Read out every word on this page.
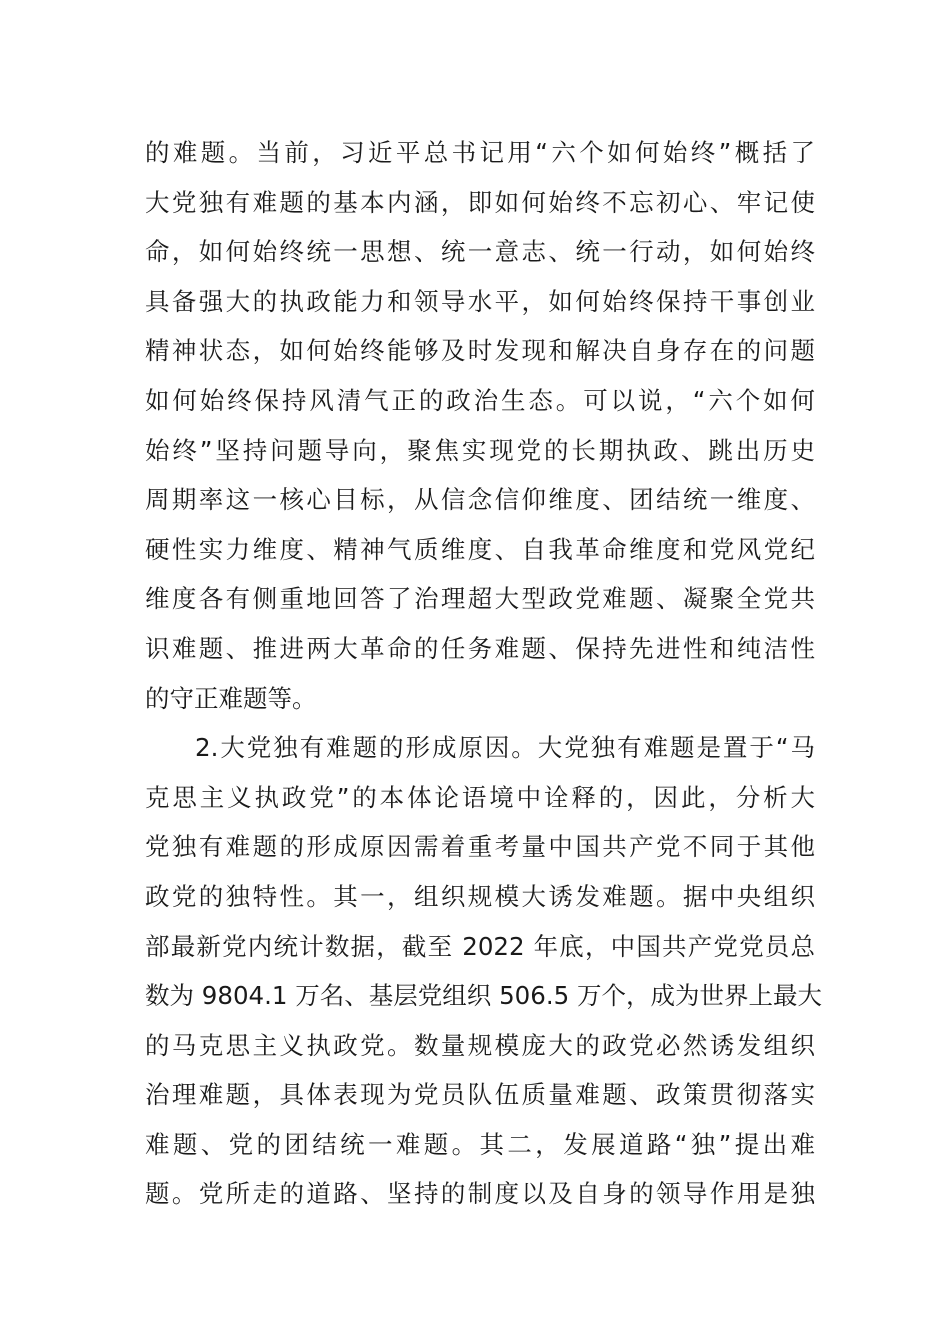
的难题。当前，习近平总书记用“六个如何始终”概括了
大党独有难题的基本内涵，即如何始终不忘初心、牢记使
命，如何始终统一思想、统一意志、统一行动，如何始终
具备强大的执政能力和领导水平，如何始终保持干事创业
精神状态，如何始终能够及时发现和解决自身存在的问题
如何始终保持风清气正的政治生态。可以说，“六个如何
始终”坚持问题导向，聚焦实现党的长期执政、跳出历史
周期率这一核心目标，从信念信仰维度、团结统一维度、
硬性实力维度、精神气质维度、自我革命维度和党风党纪
维度各有侧重地回答了治理超大型政党难题、凝聚全党共
识难题、推进两大革命的任务难题、保持先进性和纯洁性
的守正难题等。
2.大党独有难题的形成原因。大党独有难题是置于“马
克思主义执政党”的本体论语境中诠释的，因此，分析大
党独有难题的形成原因需着重考量中国共产党不同于其他
政党的独特性。其一，组织规模大诱发难题。据中央组织
部最新党内统计数据，截至 2022 年底，中国共产党党员总
数为 9804.1 万名、基层党组织 506.5 万个，成为世界上最大
的马克思主义执政党。数量规模庞大的政党必然诱发组织
治理难题，具体表现为党员队伍质量难题、政策贯彻落实
难题、党的团结统一难题。其二，发展道路“独”提出难
题。党所走的道路、坚持的制度以及自身的领导作用是独
